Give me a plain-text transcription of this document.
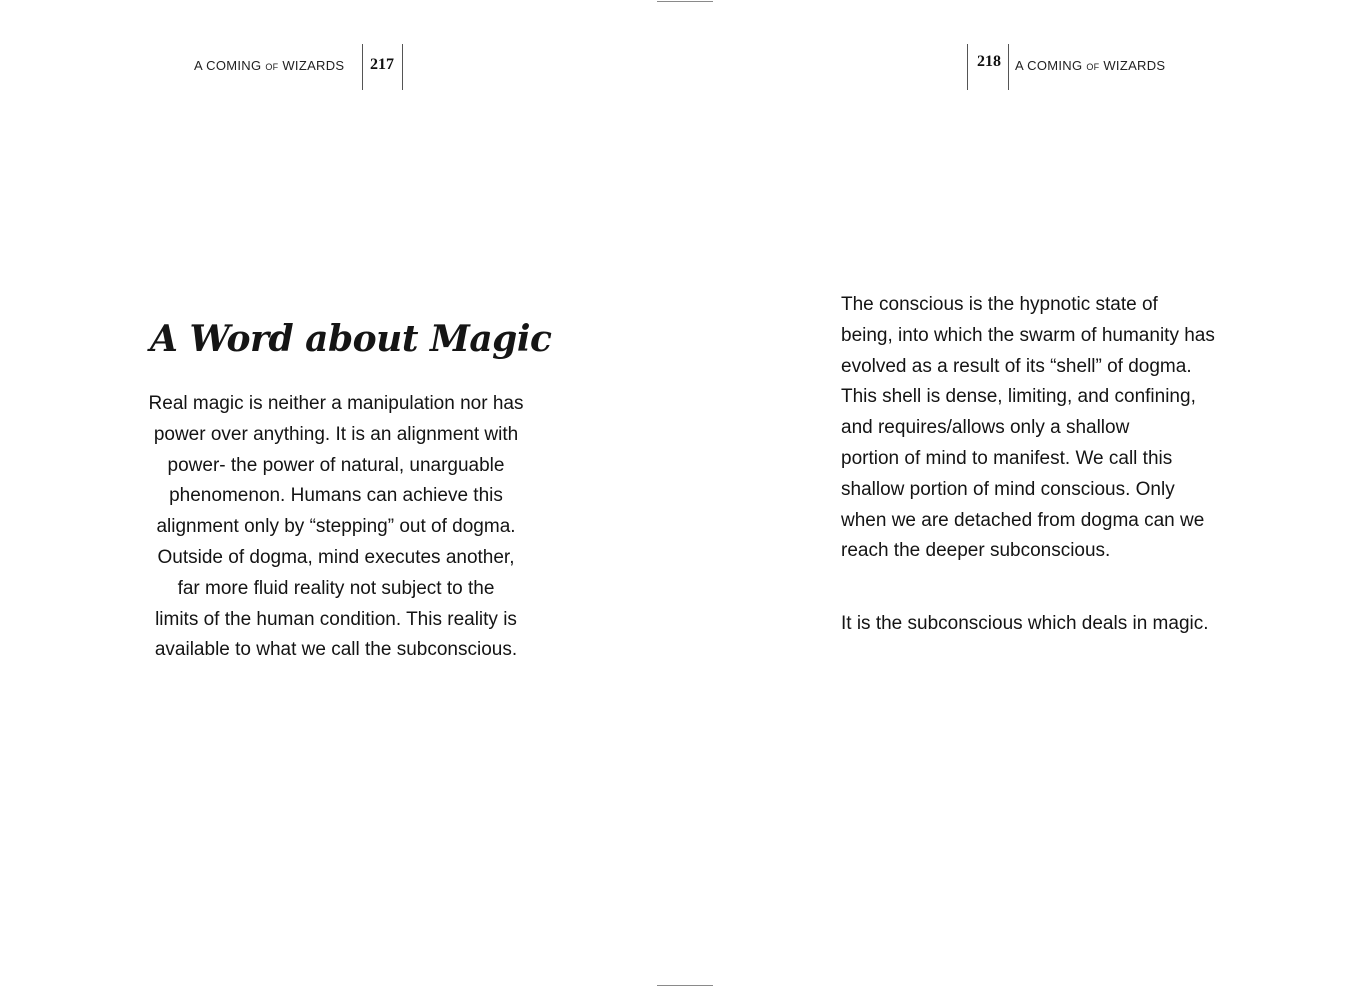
A COMING OF WIZARDS 217	218 A COMING OF WIZARDS
A Word about Magic
Real magic is neither a manipulation nor has
power over anything. It is an alignment with
power- the power of natural, unarguable
phenomenon. Humans can achieve this
alignment only by “stepping” out of dogma.
Outside of dogma, mind executes another,
far more fluid reality not subject to the
limits of the human condition. This reality is
available to what we call the subconscious.
The conscious is the hypnotic state of
being, into which the swarm of humanity has
evolved as a result of its “shell” of dogma.
This shell is dense, limiting, and confining,
and requires/allows only a shallow
portion of mind to manifest. We call this
shallow portion of mind conscious. Only
when we are detached from dogma can we
reach the deeper subconscious.

It is the subconscious which deals in magic.
